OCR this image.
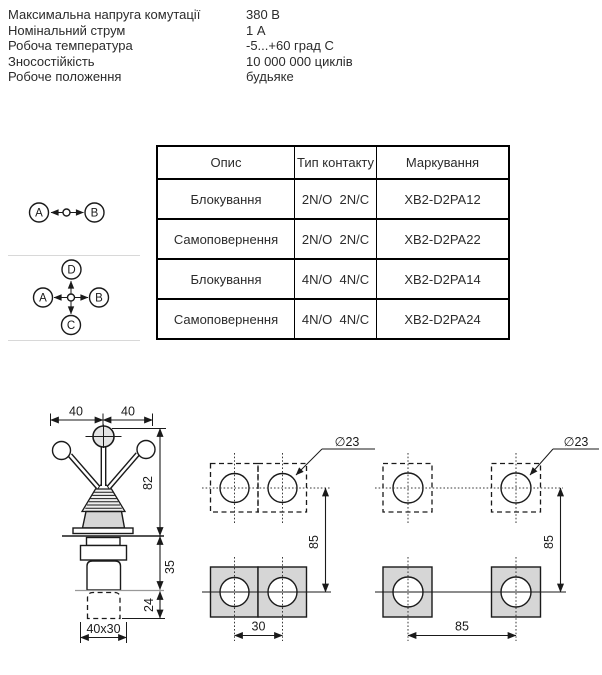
Максимальна напруга комутації	380 В
Номінальний струм	1 А
Робоча температура	-5...+60 град С
Зносостійкість	10 000 000 циклів
Робоче положення	будьяке
Опис	Тип контакту	Маркування
Блокування	2N/O  2N/C	XB2-D2PA12
Самоповернення	2N/O  2N/C	XB2-D2PA22
Блокування	4N/O  4N/C	XB2-D2PA14
Самоповернення	4N/O  4N/C	XB2-D2PA24
A	B
D
A	B
C
40	40
82
35
24
40x30
∅23
85
30
∅23
85
85
